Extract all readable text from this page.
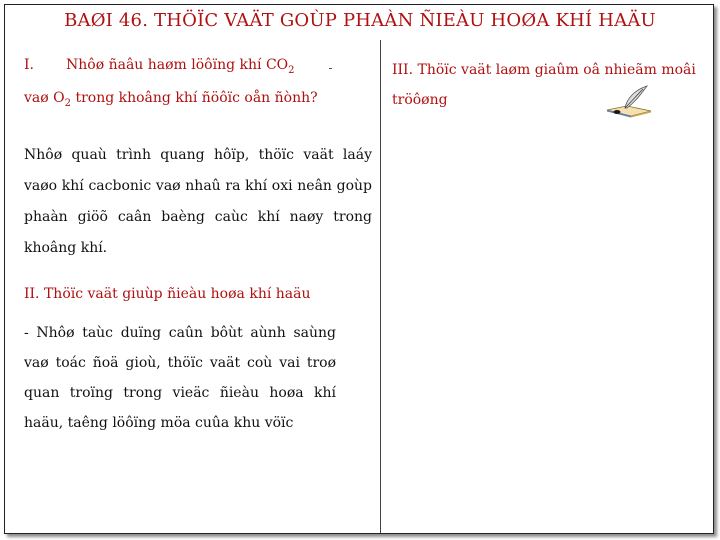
BAØI 46. THÖÏC VAÄT GOÙP PHAÀN ÑIEÀU HOØA KHÍ HAÄU
I. Nhôø ñaâu haøm löôïng khí $CO_2$
vaø $O_2$ trong khoâng khí ñöôïc oån ñònh?
Nhôø quaù trình quang hôïp, thöïc vaät laáy vaøo khí cacbonic vaø nhaû ra khí oxi neân goùp phaàn giöõ caân baèng caùc khí naøy trong khoâng khí.
II. Thöïc vaät giuùp ñieàu hoøa khí haäu
- Nhôø taùc duïng caûn bôùt aùnh saùng vaø toác ñoä gioù, thöïc vaät coù vai troø quan troïng trong vieäc ñieàu hoøa khí haäu, taêng löôïng möa cuûa khu vöïc
III. Thöïc vaät laøm giaûm oâ nhieãm moâi tröôøng
